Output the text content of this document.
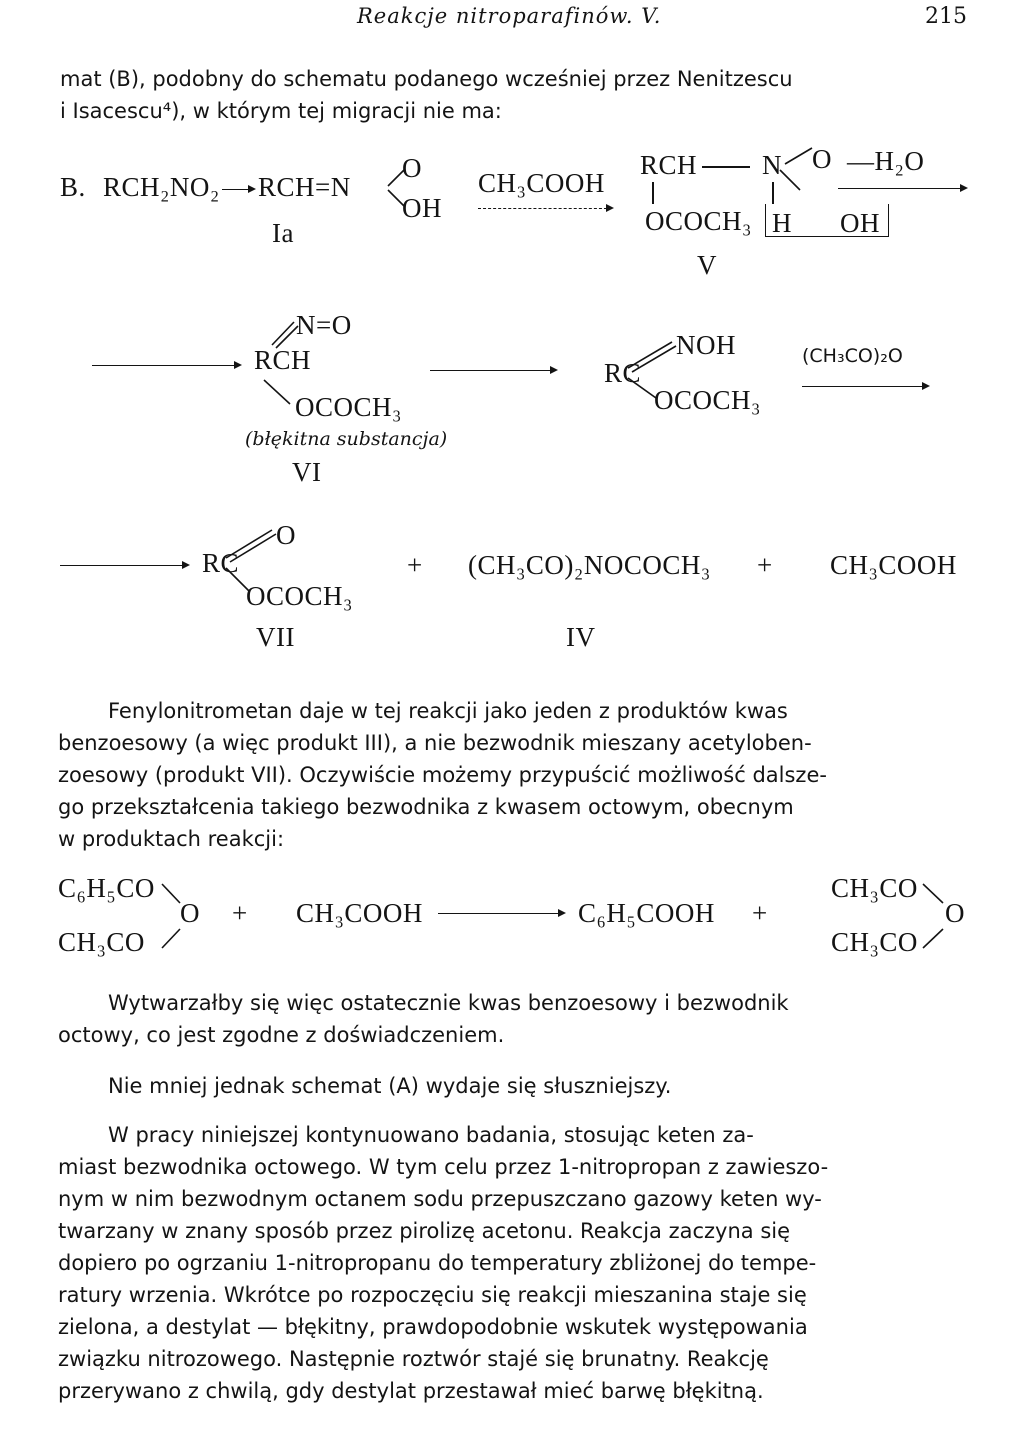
Reakcje nitroparafinów. V.	215
mat (B), podobny do schematu podanego wcześniej przez Nenitzescu
i Isacescu⁴), w którym tej migracji nie ma:
B. RCH₂NO₂ RCH=N
O
OH
Ia
CH₃COOH
RCH N O —H₂O
OCOCH₃ H OH
V
N=O
RCH
OCOCH₃
(błękitna substancja)
VI
NOH
RC
OCOCH₃
(CH₃CO)₂O
O
RC
OCOCH₃
VII
+ (CH₃CO)₂NOCOCH₃
IV
+ CH₃COOH
Fenylonitrometan daje w tej reakcji jako jeden z produktów kwas
benzoesowy (a więc produkt III), a nie bezwodnik mieszany acetyloben-
zoesowy (produkt VII). Oczywiście możemy przypuścić możliwość dalsze-
go przekształcenia takiego bezwodnika z kwasem octowym, obecnym
w produktach reakcji:
C₆H₅CO
CH₃CO
O + CH₃COOH	C₆H₅COOH +
CH₃CO
CH₃CO
O
Wytwarzałby się więc ostatecznie kwas benzoesowy i bezwodnik
octowy, co jest zgodne z doświadczeniem.
Nie mniej jednak schemat (A) wydaje się słuszniejszy.
W pracy niniejszej kontynuowano badania, stosując keten za-
miast bezwodnika octowego. W tym celu przez 1-nitropropan z zawieszo-
nym w nim bezwodnym octanem sodu przepuszczano gazowy keten wy-
twarzany w znany sposób przez pirolizę acetonu. Reakcja zaczyna się
dopiero po ogrzaniu 1-nitropropanu do temperatury zbliżonej do tempe-
ratury wrzenia. Wkrótce po rozpoczęciu się reakcji mieszanina staje się
zielona, a destylat — błękitny, prawdopodobnie wskutek występowania
związku nitrozowego. Następnie roztwór stajé się brunatny. Reakcję
przerywano z chwilą, gdy destylat przestawał mieć barwę błękitną.
